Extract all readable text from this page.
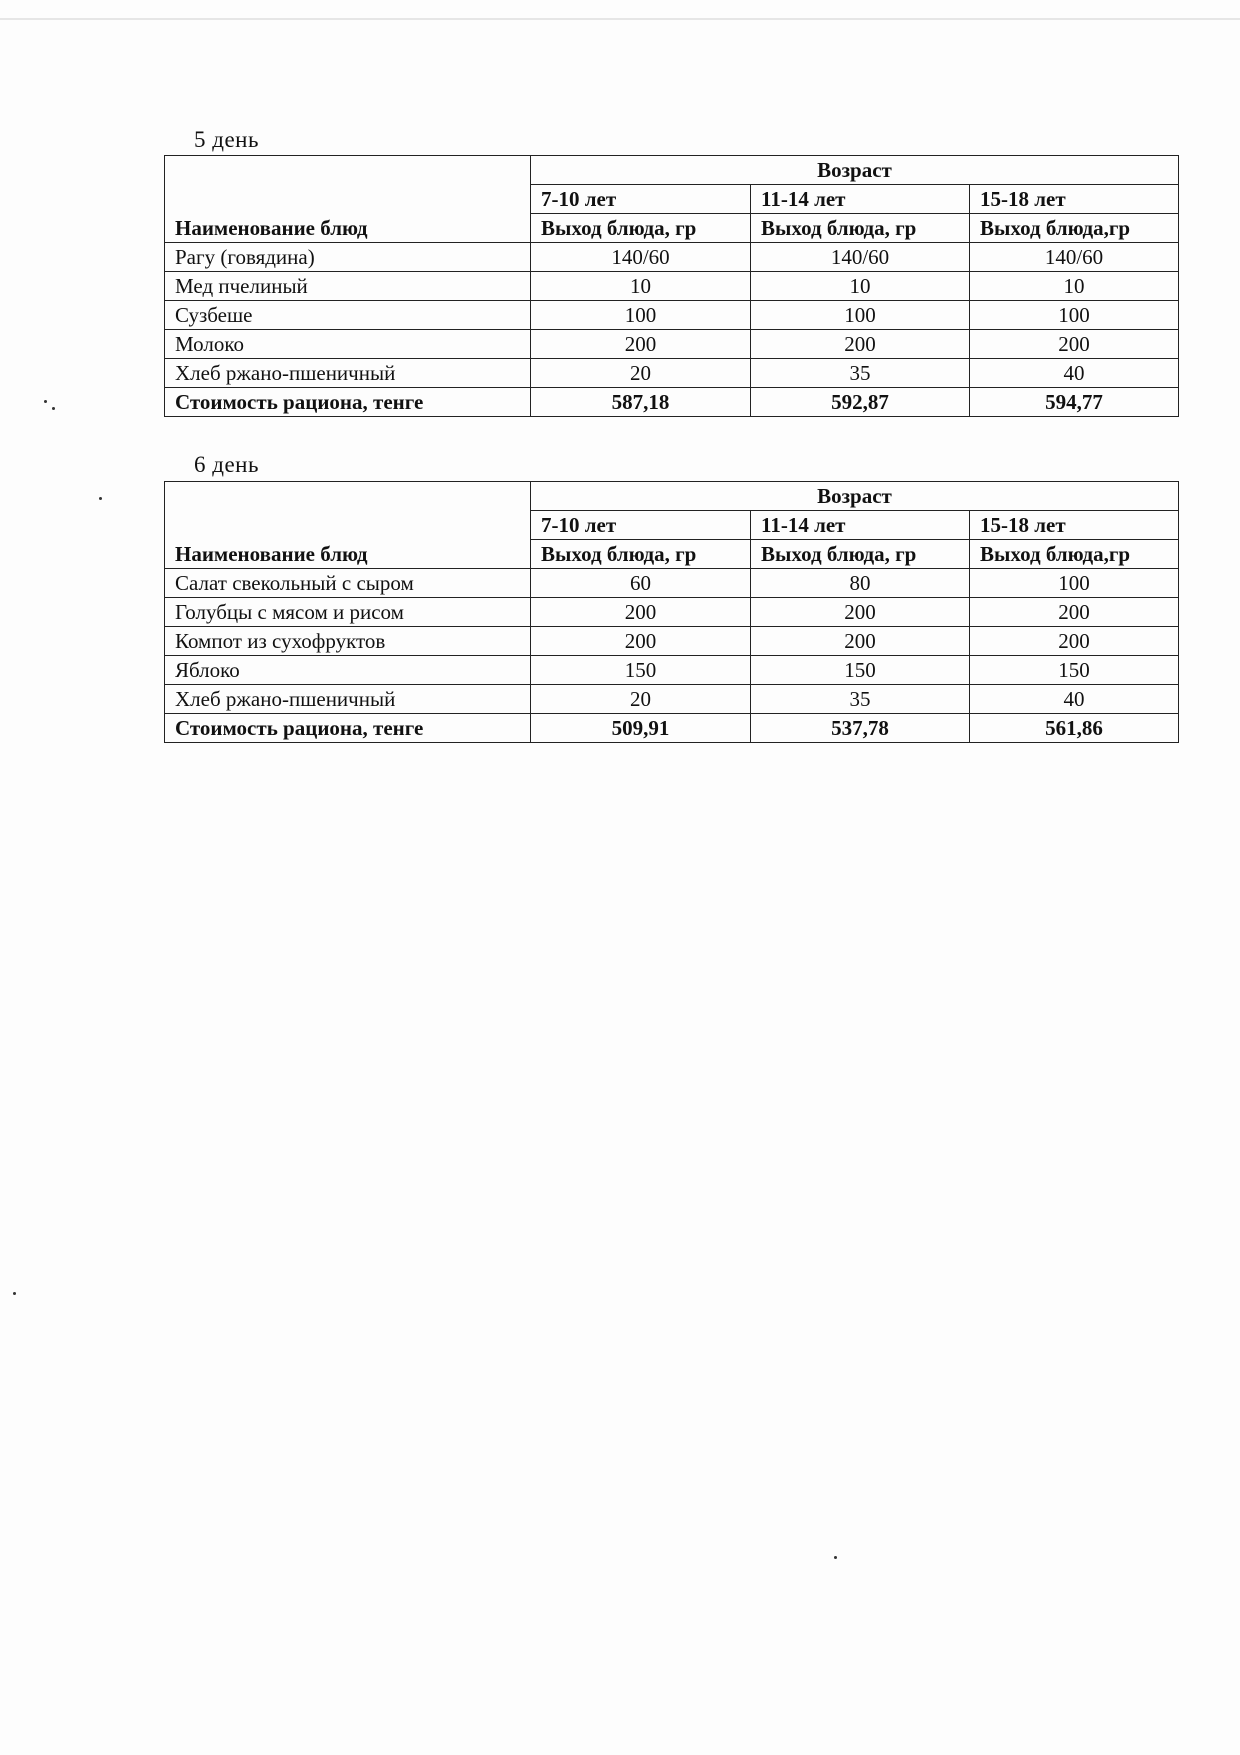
5 день
Наименование блюд	Возраст		
	7-10 лет	11-14 лет	15-18 лет
	Выход блюда, гр	Выход блюда, гр	Выход блюда,гр
Рагу (говядина)	140/60	140/60	140/60
Мед пчелиный	10	10	10
Сузбеше	100	100	100
Молоко	200	200	200
Хлеб ржано-пшеничный	20	35	40
Стоимость рациона, тенге	587,18	592,87	594,77
6 день
Наименование блюд	Возраст		
	7-10 лет	11-14 лет	15-18 лет
	Выход блюда, гр	Выход блюда, гр	Выход блюда,гр
Салат свекольный с сыром	60	80	100
Голубцы с мясом и рисом	200	200	200
Компот из сухофруктов	200	200	200
Яблоко	150	150	150
Хлеб ржано-пшеничный	20	35	40
Стоимость рациона, тенге	509,91	537,78	561,86
